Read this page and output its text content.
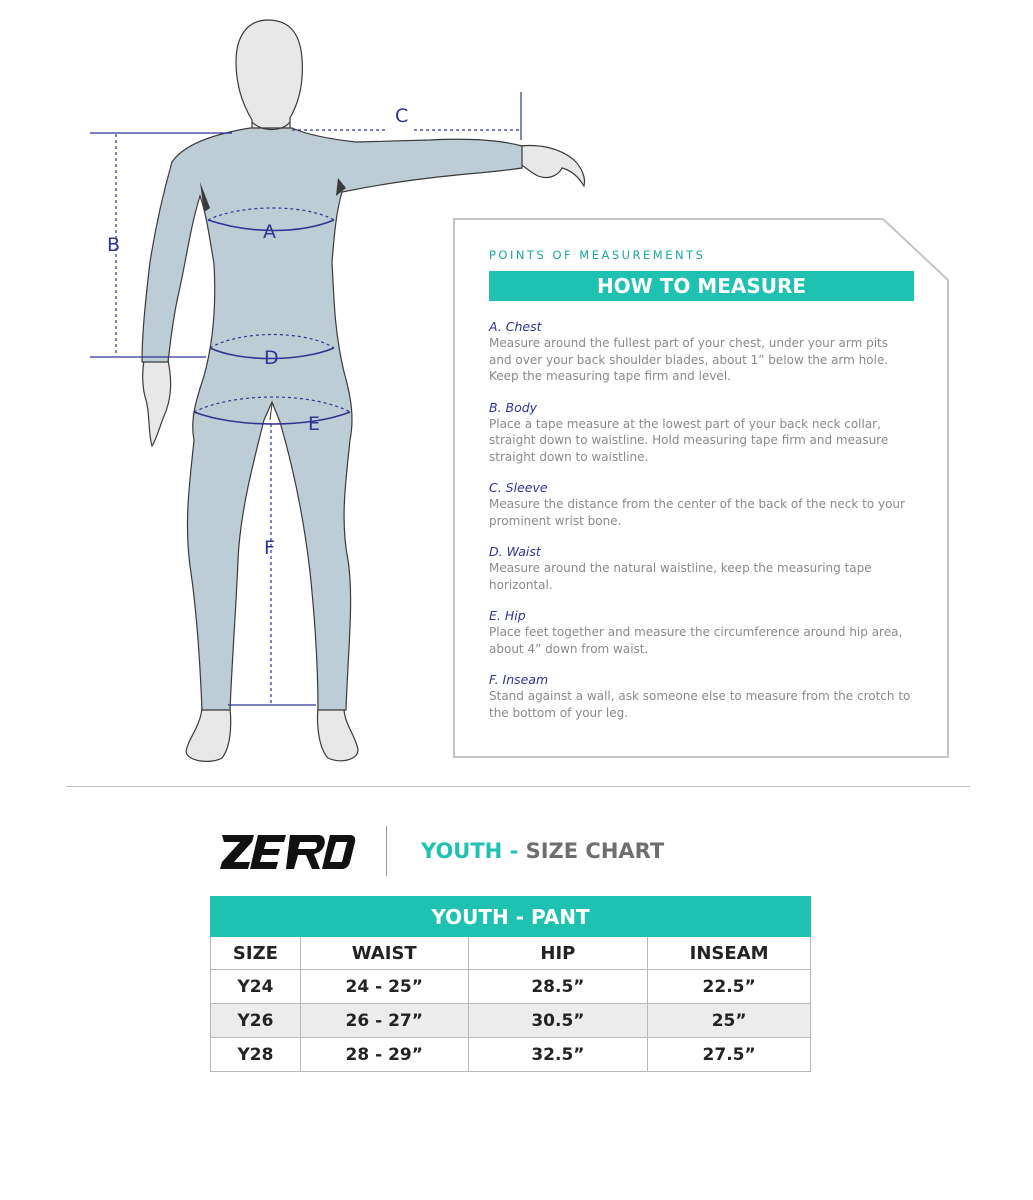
B
C
A
D
E
F
POINTS OF MEASUREMENTS
HOW TO MEASURE
A. Chest
Measure around the fullest part of your chest, under your arm pits and over your back shoulder blades, about 1” below the arm hole. Keep the measuring tape firm and level.
B. Body
Place a tape measure at the lowest part of your back neck collar, straight down to waistline. Hold measuring tape firm and measure straight down to waistline.
C. Sleeve
Measure the distance from the center of the back of the neck to your prominent wrist bone.
D. Waist
Measure around the natural waistline, keep the measuring tape horizontal.
E. Hip
Place feet together and measure the circumference around hip area, about 4” down from waist.
F. Inseam
Stand against a wall, ask someone else to measure from the crotch to the bottom of your leg.
YOUTH - SIZE CHART
YOUTH - PANT			
SIZE	WAIST	HIP	INSEAM
Y24	24 - 25”	28.5”	22.5”
Y26	26 - 27”	30.5”	25”
Y28	28 - 29”	32.5”	27.5”
